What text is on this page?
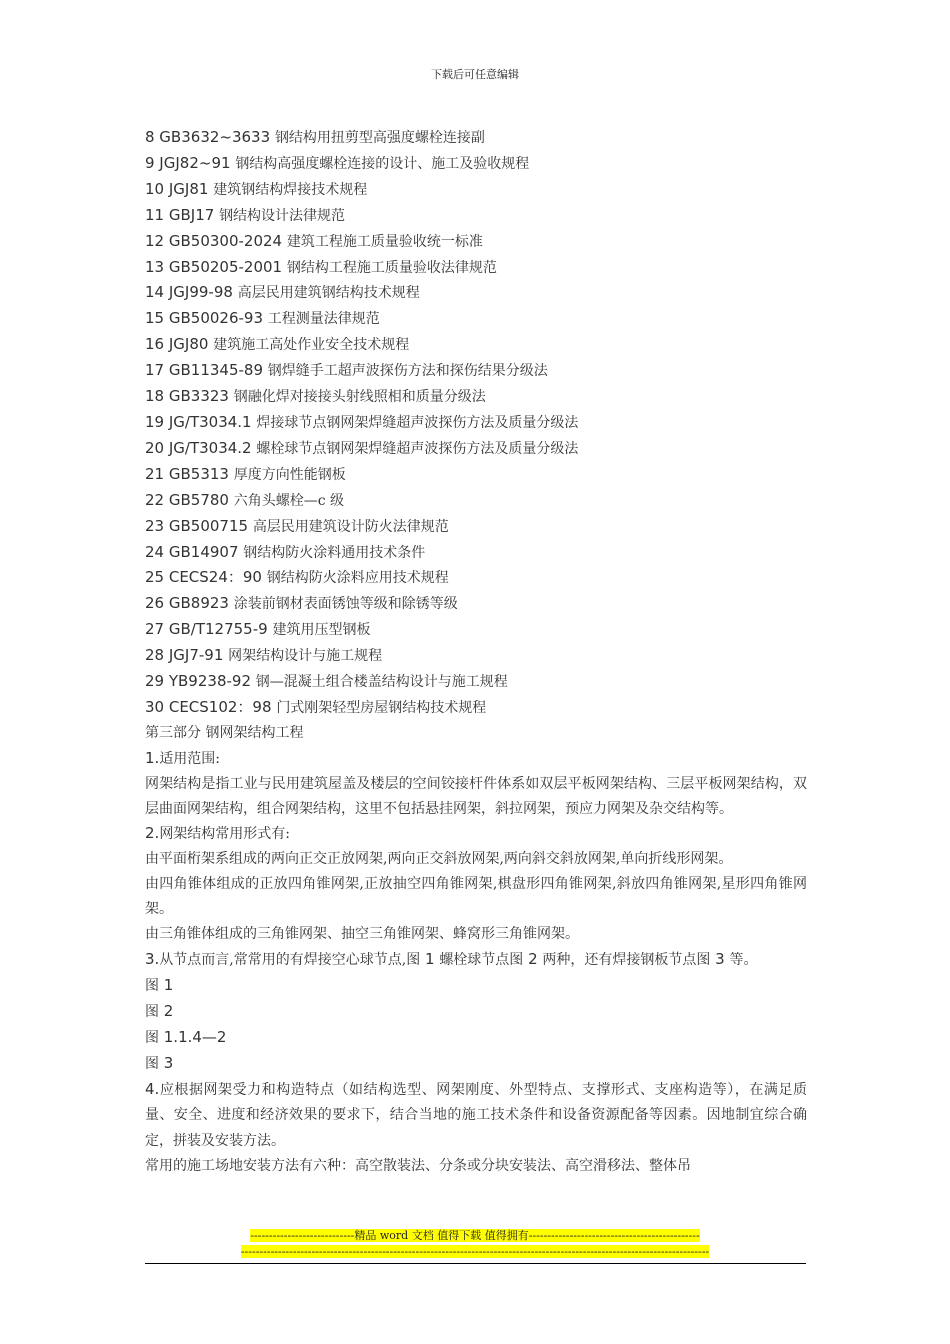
下载后可任意编辑
8 GB3632~3633 钢结构用扭剪型高强度螺栓连接副
9 JGJ82~91 钢结构高强度螺栓连接的设计、施工及验收规程
10 JGJ81 建筑钢结构焊接技术规程
11 GBJ17 钢结构设计法律规范
12 GB50300-2024 建筑工程施工质量验收统一标准
13 GB50205-2001 钢结构工程施工质量验收法律规范
14 JGJ99-98 高层民用建筑钢结构技术规程
15 GB50026-93 工程测量法律规范
16 JGJ80 建筑施工高处作业安全技术规程
17 GB11345-89 钢焊缝手工超声波探伤方法和探伤结果分级法
18 GB3323 钢融化焊对接接头射线照相和质量分级法
19 JG/T3034.1 焊接球节点钢网架焊缝超声波探伤方法及质量分级法
20 JG/T3034.2 螺栓球节点钢网架焊缝超声波探伤方法及质量分级法
21 GB5313 厚度方向性能钢板
22 GB5780 六角头螺栓—c 级
23 GB500715 高层民用建筑设计防火法律规范
24 GB14907 钢结构防火涂料通用技术条件
25 CECS24：90 钢结构防火涂料应用技术规程
26 GB8923 涂装前钢材表面锈蚀等级和除锈等级
27 GB/T12755-9 建筑用压型钢板
28 JGJ7-91 网架结构设计与施工规程
29 YB9238-92 钢—混凝土组合楼盖结构设计与施工规程
30 CECS102：98 门式刚架轻型房屋钢结构技术规程
第三部分 钢网架结构工程
1.适用范围:
网架结构是指工业与民用建筑屋盖及楼层的空间铰接杆件体系如双层平板网架结构、三层平板网架结构，双层曲面网架结构，组合网架结构，这里不包括悬挂网架，斜拉网架，预应力网架及杂交结构等。
2.网架结构常用形式有:
由平面桁架系组成的两向正交正放网架,两向正交斜放网架,两向斜交斜放网架,单向折线形网架。
由四角锥体组成的正放四角锥网架,正放抽空四角锥网架,棋盘形四角锥网架,斜放四角锥网架,星形四角锥网架。
由三角锥体组成的三角锥网架、抽空三角锥网架、蜂窝形三角锥网架。
3.从节点而言,常常用的有焊接空心球节点,图 1 螺栓球节点图 2 两种，还有焊接钢板节点图 3 等。
图 1
图 2
图 1.1.4—2
图 3
4.应根据网架受力和构造特点（如结构选型、网架刚度、外型特点、支撑形式、支座构造等），在满足质量、安全、进度和经济效果的要求下，结合当地的施工技术条件和设备资源配备等因素。因地制宜综合确定，拼装及安装方法。
常用的施工场地安装方法有六种：高空散装法、分条或分块安装法、高空滑移法、整体吊
----------------------------精品 word 文档 值得下载 值得拥有----------------------------------------------
------------------------------------------------------------------------------------------------------------------------------
